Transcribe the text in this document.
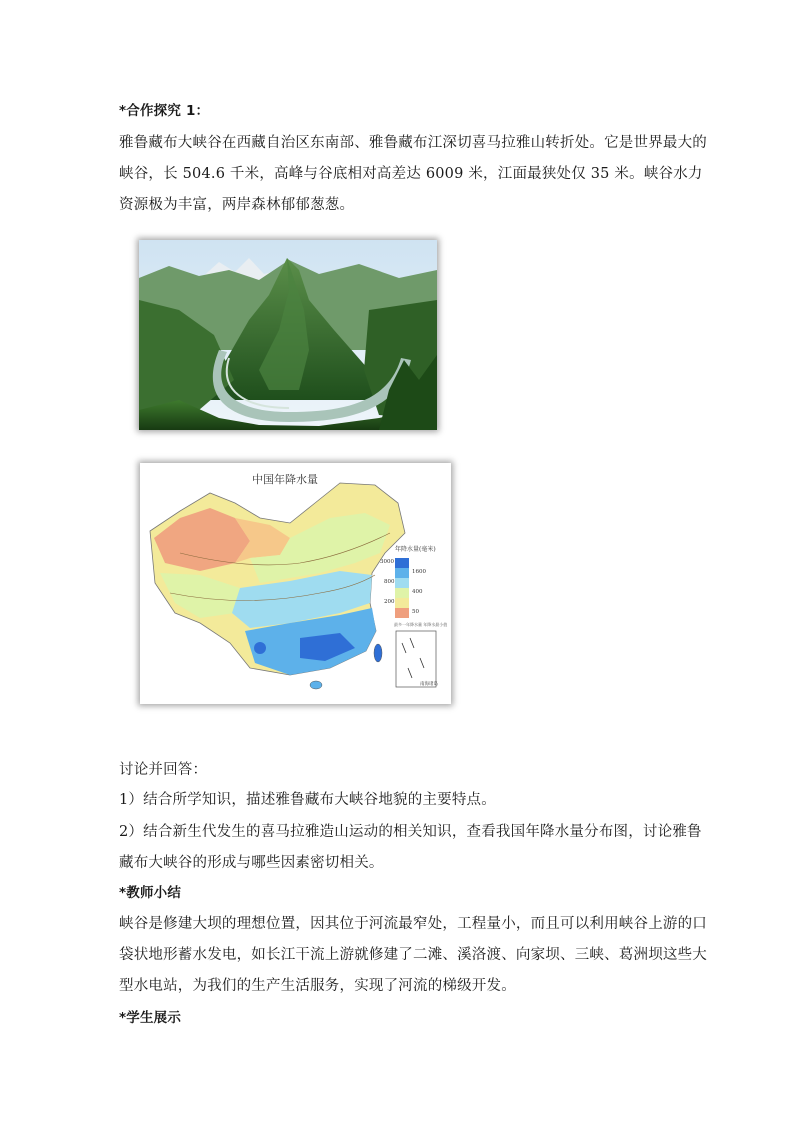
*合作探究 1：
雅鲁藏布大峡谷在西藏自治区东南部、雅鲁藏布江深切喜马拉雅山转折处。它是世界最大的
峡谷，长 504.6 千米，高峰与谷底相对高差达 6009 米，江面最狭处仅 35 米。峡谷水力
资源极为丰富，两岸森林郁郁葱葱。
中国年降水量
年降水量(毫米)
3000
1600
800
400
200
50
最多一年降水量 年降水最小值
南海诸岛
讨论并回答：
1）结合所学知识，描述雅鲁藏布大峡谷地貌的主要特点。
2）结合新生代发生的喜马拉雅造山运动的相关知识，查看我国年降水量分布图，讨论雅鲁
藏布大峡谷的形成与哪些因素密切相关。
*教师小结
峡谷是修建大坝的理想位置，因其位于河流最窄处，工程量小，而且可以利用峡谷上游的口
袋状地形蓄水发电，如长江干流上游就修建了二滩、溪洛渡、向家坝、三峡、葛洲坝这些大
型水电站，为我们的生产生活服务，实现了河流的梯级开发。
*学生展示
